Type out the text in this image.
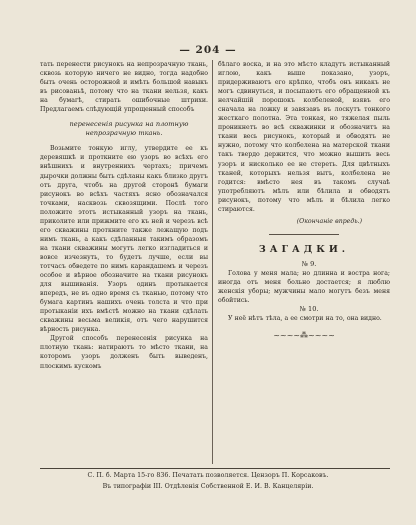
— 204 —

тать перенести рисунокъ на непрозрачную ткань, сквозь которую ничего не видно, тогда надобно быть очень осторожной и имѣть большой навыкъ въ рисованьѣ, потому что на ткани нельзя, какъ на бумагѣ, стирать ошибочные штрихи. Предлагаемъ слѣдующій упрощенный способъ

перенесенія рисунка на плотную непрозрачную ткань.

Возьмите тонкую иглу, утвердите ее къ деревяшкѣ и проткните ею узоръ во всѣхъ его внѣшнихъ и внутреннихъ чертахъ; причемъ дырочки должны быть сдѣланы какъ близко другъ отъ друга, чтобъ на другой сторонѣ бумаги рисунокъ во всѣхъ частяхъ ясно обозначался точками, насквозь сквозящими. Послѣ того положите этотъ истыканный узоръ на ткань, приколите или прижмите его къ ней и черезъ всѣ его скважины проткните также лежащую подъ нимъ ткань, а какъ сдѣланныя такимъ образомъ на ткани скважины могутъ легко изгладиться и вовсе изчезнуть, то будетъ лучше, если вы тотчасъ обведете по нимъ карандашемъ и черезъ особое и вѣрное обозначите на ткани рисунокъ для вышиванія. Узоръ одинъ протыкается впередъ, не въ одно время съ тканью, потому что бумага картинъ нашихъ очень толста и что при протыканіи ихъ вмѣстѣ можно на ткани сдѣлать скважины весьма великія, отъ чего нарушится вѣрность рисунка.

Другой способъ перенесенія рисунка на плотную ткань: натираютъ то мѣсто ткани, на которомъ узоръ долженъ быть выведенъ, плоскимъ кускомъ

бѣлаго воска, и на это мѣсто кладутъ истыканный иглою, какъ выше показано, узоръ, придерживаютъ его крѣпко, чтобъ онъ никакъ не могъ сдвинуться, и посыпаютъ его обращенной къ нелчайшій порошокъ колбеленой, взявъ его сначала на ложку и завязавъ въ лоскутъ тонкого жесткаго полотна. Эта тонкая, но тяжелая пыль проникнетъ во всѣ скважинки и обозначитъ на ткани весь рисунокъ, который и обводятъ не нужно, потому что колбелена на матерской ткани такъ твердо держится, что можно вышить весь узоръ и нисколько ее не стереть. Для цвѣтныхъ тканей, которыхъ нельзя вытъ, колбелена не годится: вмѣсто нея въ такомъ случаѣ употребляютъ мѣлъ или бѣлила и обводятъ рисунокъ, потому что мѣлъ и бѣлила легко стираются.

(Окончаніе впредь.)

ЗАГАДКИ.

№ 9.

Голова у меня мала; но длинна и востра нога; иногда отъ меня больно достается; я люблю женскія уборы; мужчины мало могутъ безъ меня обойтись.

№ 10.

У неё нѣтъ тѣла, а ее смотри на то, она видно.

~~~~⁂~~~~
С. П. б. Марта 15-го 836. Печатать позволяется. Цензоръ П. Корсаковъ.
Въ типографіи III. Отдѣленія Собственной Е. И. В. Канцеляріи.
